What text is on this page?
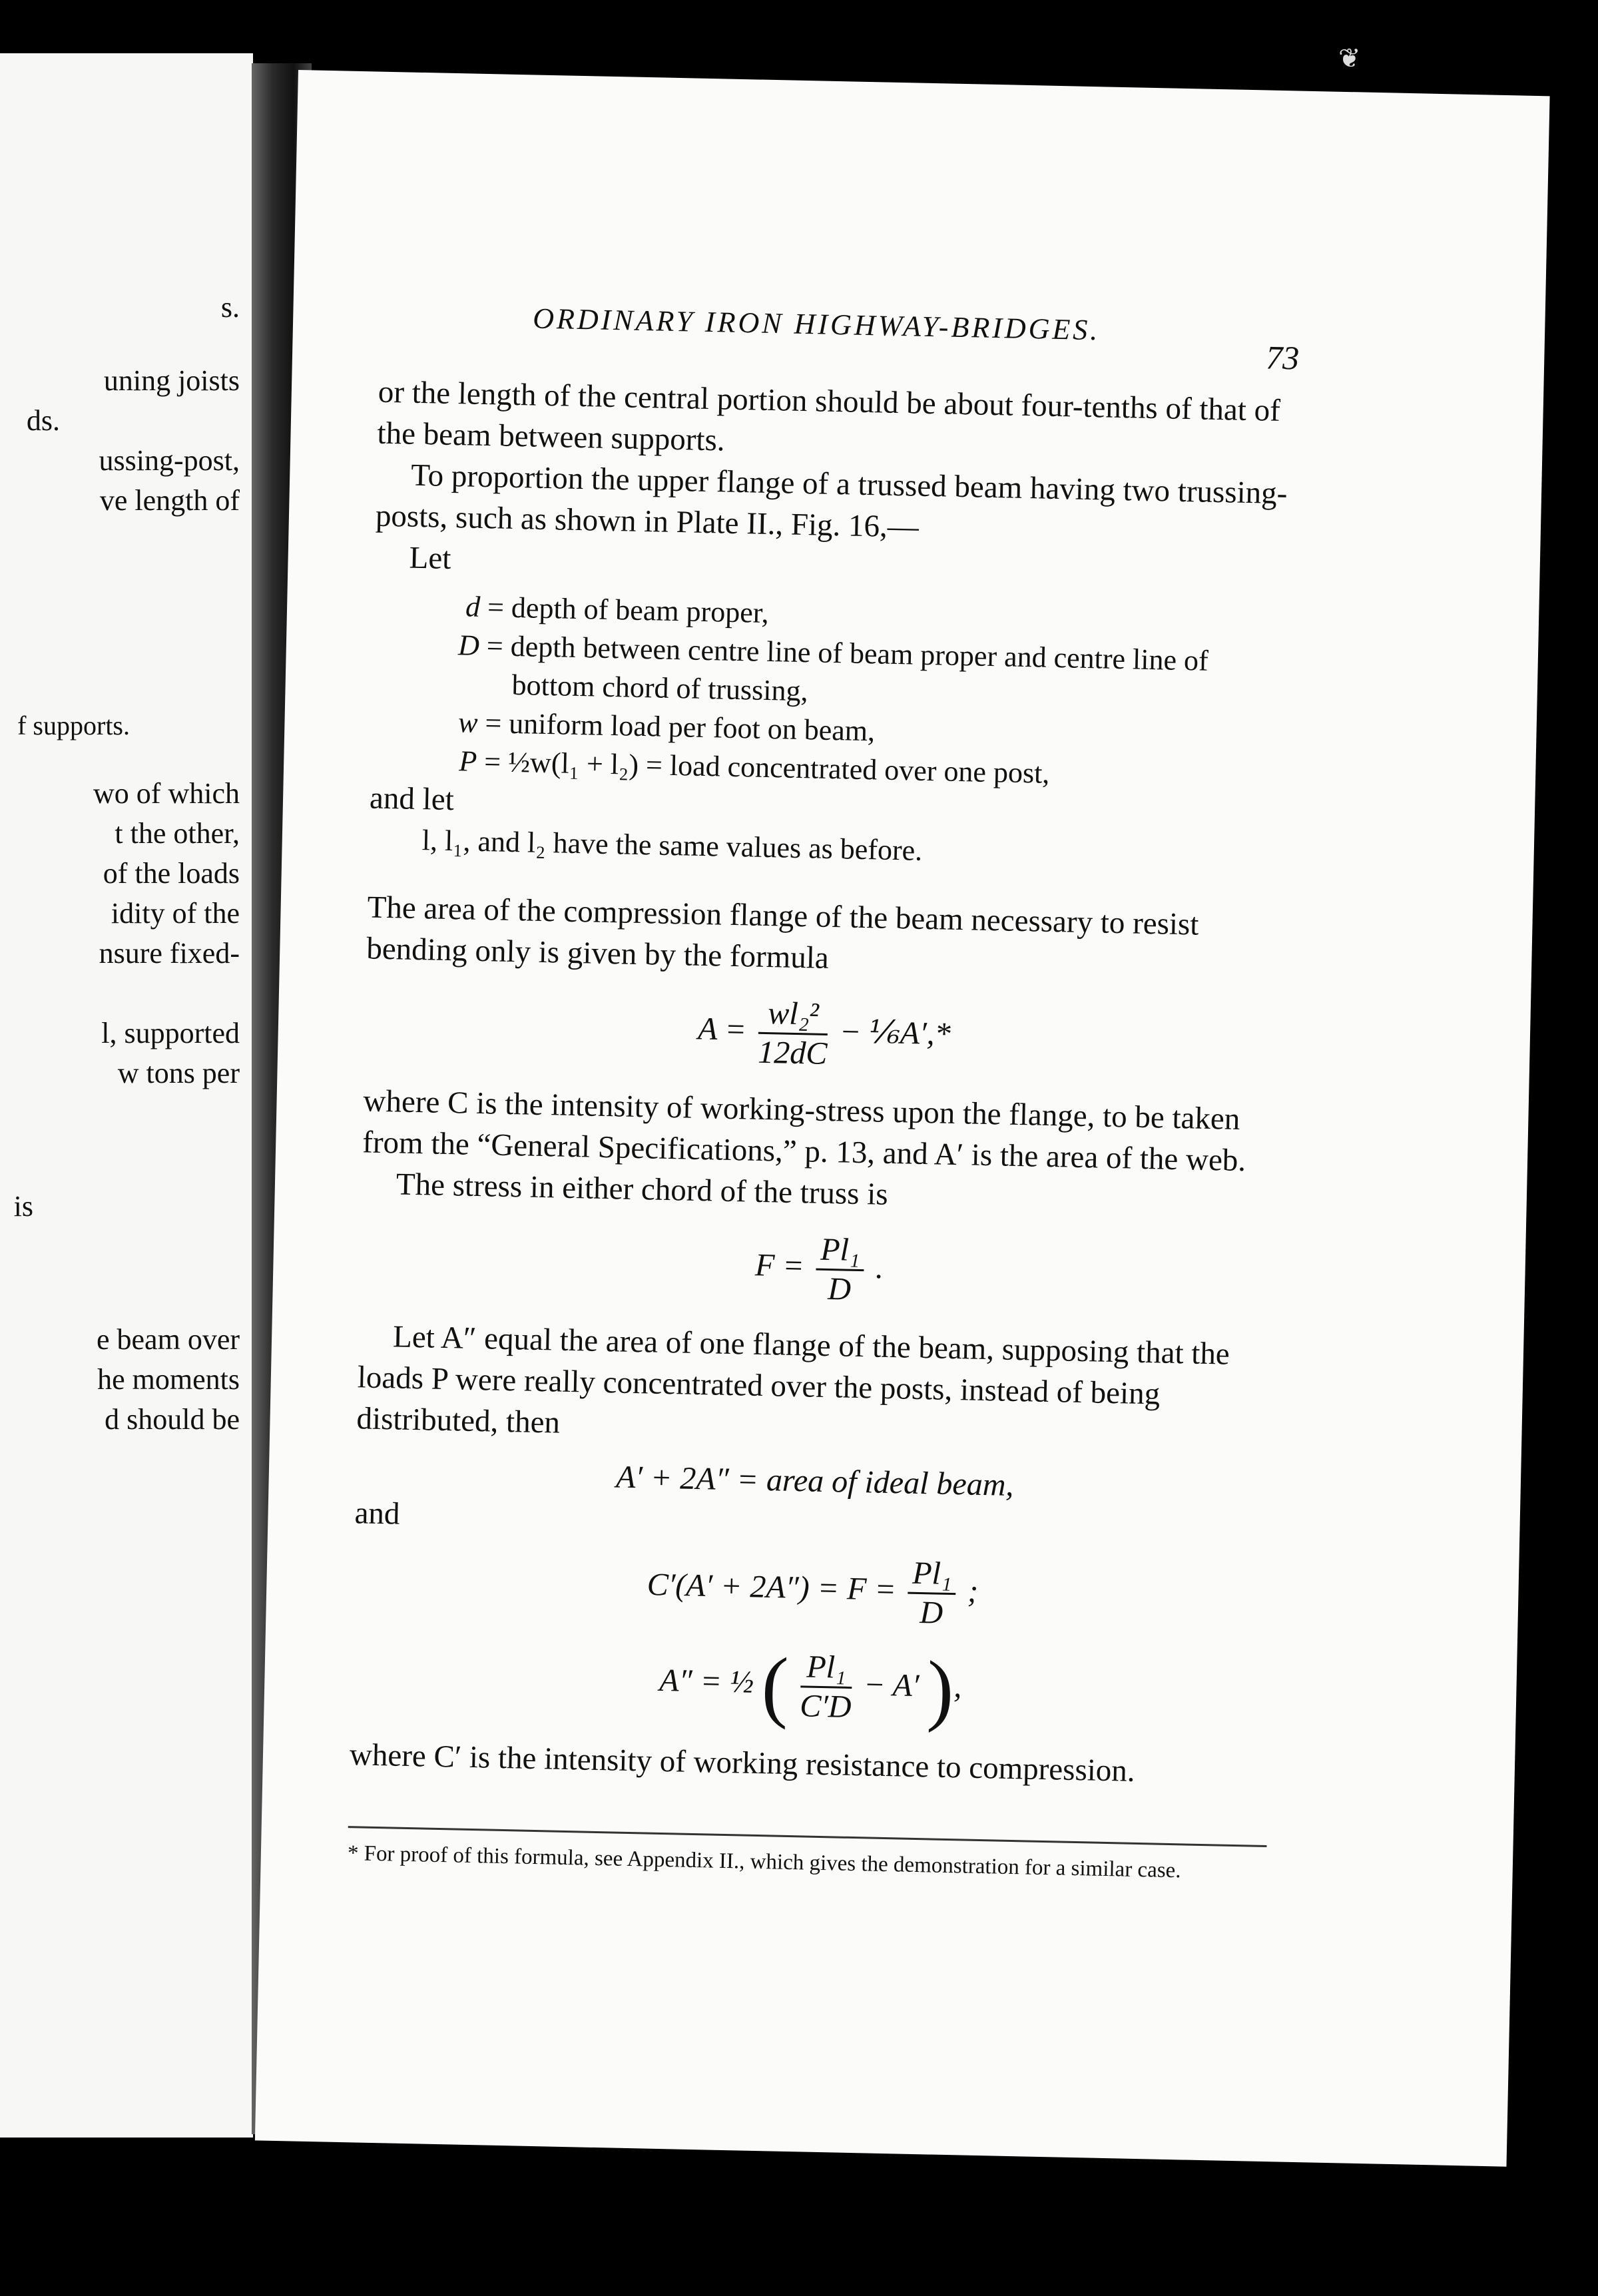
s.
uning joists
ds.
ussing-post,
ve length of
f supports.
wo of which
t the other,
of the loads
idity of the
nsure fixed-
l, supported
w tons per
is
e beam over
he moments
d should be
❦
ORDINARY IRON HIGHWAY-BRIDGES.
73

or the length of the central portion should be about four-tenths of that of the beam between supports.

To proportion the upper flange of a trussed beam having two trussing-posts, such as shown in Plate II., Fig. 16,—

Let

d = depth of beam proper,
D = depth between centre line of beam proper and centre line of
bottom chord of trussing,
w = uniform load per foot on beam,
P = ½w(l₁ + l₂) = load concentrated over one post,

and let

l, l₁, and l₂ have the same values as before.

The area of the compression flange of the beam necessary to resist bending only is given by the formula

$A = \frac{\text{wl₂²}}{12dC}$ − ⅙A′,*

where C is the intensity of working-stress upon the flange, to be taken from the “General Specifications,” p. 13, and A′ is the area of the web.

The stress in either chord of the truss is

$F = \frac{\text{Pl₁}}{D}$ .

Let A″ equal the area of one flange of the beam, supposing that the loads P were really concentrated over the posts, instead of being distributed, then

A′ + 2A″ = area of ideal beam,

and

$C'(A' + 2A'') = F = \frac{\text{Pl₁}}{D}$ ;
A″ = ½ ( $\frac{\text{Pl₁}}{C'D} - A'$ ),

where C′ is the intensity of working resistance to compression.

* For proof of this formula, see Appendix II., which gives the demonstration for a similar case.
